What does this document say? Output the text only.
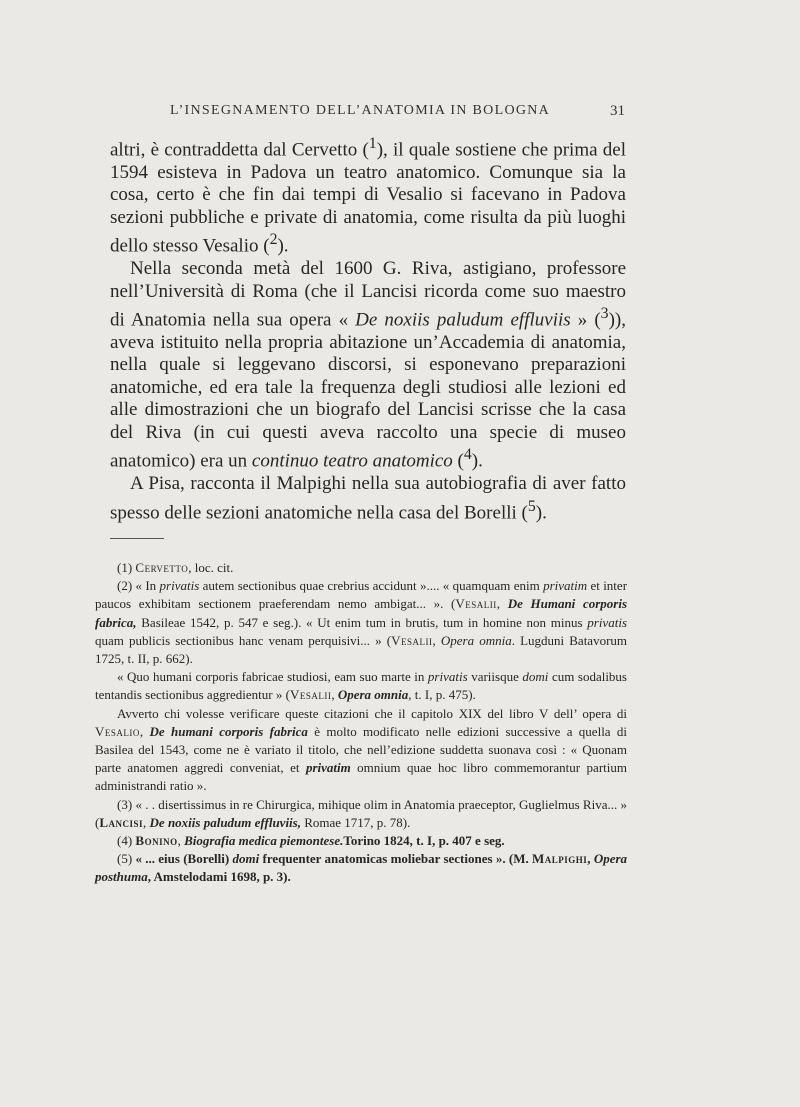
L’INSEGNAMENTO DELL’ANATOMIA IN BOLOGNA	31

altri, è contraddetta dal Cervetto ($^1$), il quale sostiene che prima del 1594 esisteva in Padova un teatro anatomico. Comunque sia la cosa, certo è che fin dai tempi di Vesalio si facevano in Padova sezioni pubbliche e private di anatomia, come risulta da più luoghi dello stesso Vesalio ($^2$).

Nella seconda metà del 1600 G. Riva, astigiano, professore nell’Università di Roma (che il Lancisi ricorda come suo maestro di Anatomia nella sua opera « De noxiis paludum effluviis » ($^3$)), aveva istituito nella propria abitazione un’Accademia di anatomia, nella quale si leggevano discorsi, si esponevano preparazioni anatomiche, ed era tale la frequenza degli studiosi alle lezioni ed alle dimostrazioni che un biografo del Lancisi scrisse che la casa del Riva (in cui questi aveva raccolto una specie di museo anatomico) era un continuo teatro anatomico ($^4$).

A Pisa, racconta il Malpighi nella sua autobiografia di aver fatto spesso delle sezioni anatomiche nella casa del Borelli ($^5$).

(1) Cervetto, loc. cit.

(2) « In privatis autem sectionibus quae crebrius accidunt ».... « quamquam enim privatim et inter paucos exhibitam sectionem praeferendam nemo ambigat... ». (Vesalii, De Humani corporis fabrica, Basileae 1542, p. 547 e seg.). « Ut enim tum in brutis, tum in homine non minus privatis quam publicis sectionibus hanc venam perquisivi... » (Vesalii, Opera omnia. Lugduni Batavorum 1725, t. II, p. 662).

« Quo humani corporis fabricae studiosi, eam suo marte in privatis variisque domi cum sodalibus tentandis sectionibus aggredientur » (Vesalii, Opera omnia, t. I, p. 475).

Avverto chi volesse verificare queste citazioni che il capitolo XIX del libro V dell’ opera di Vesalio, De humani corporis fabrica è molto modificato nelle edizioni successive a quella di Basilea del 1543, come ne è variato il titolo, che nell’edizione suddetta suonava così : « Quonam parte anatomen aggredi conveniat, et privatim omnium quae hoc libro commemorantur partium administrandi ratio ».

(3) « . . disertissimus in re Chirurgica, mihique olim in Anatomia praeceptor, Guglielmus Riva... » (Lancisi, De noxiis paludum effluviis, Romae 1717, p. 78).

(4) Bonino, Biografia medica piemontese.Torino 1824, t. I, p. 407 e seg.

(5) « ... eius (Borelli) domi frequenter anatomicas moliebar sectiones ». (M. Malpighi, Opera posthuma, Amstelodami 1698, p. 3).
